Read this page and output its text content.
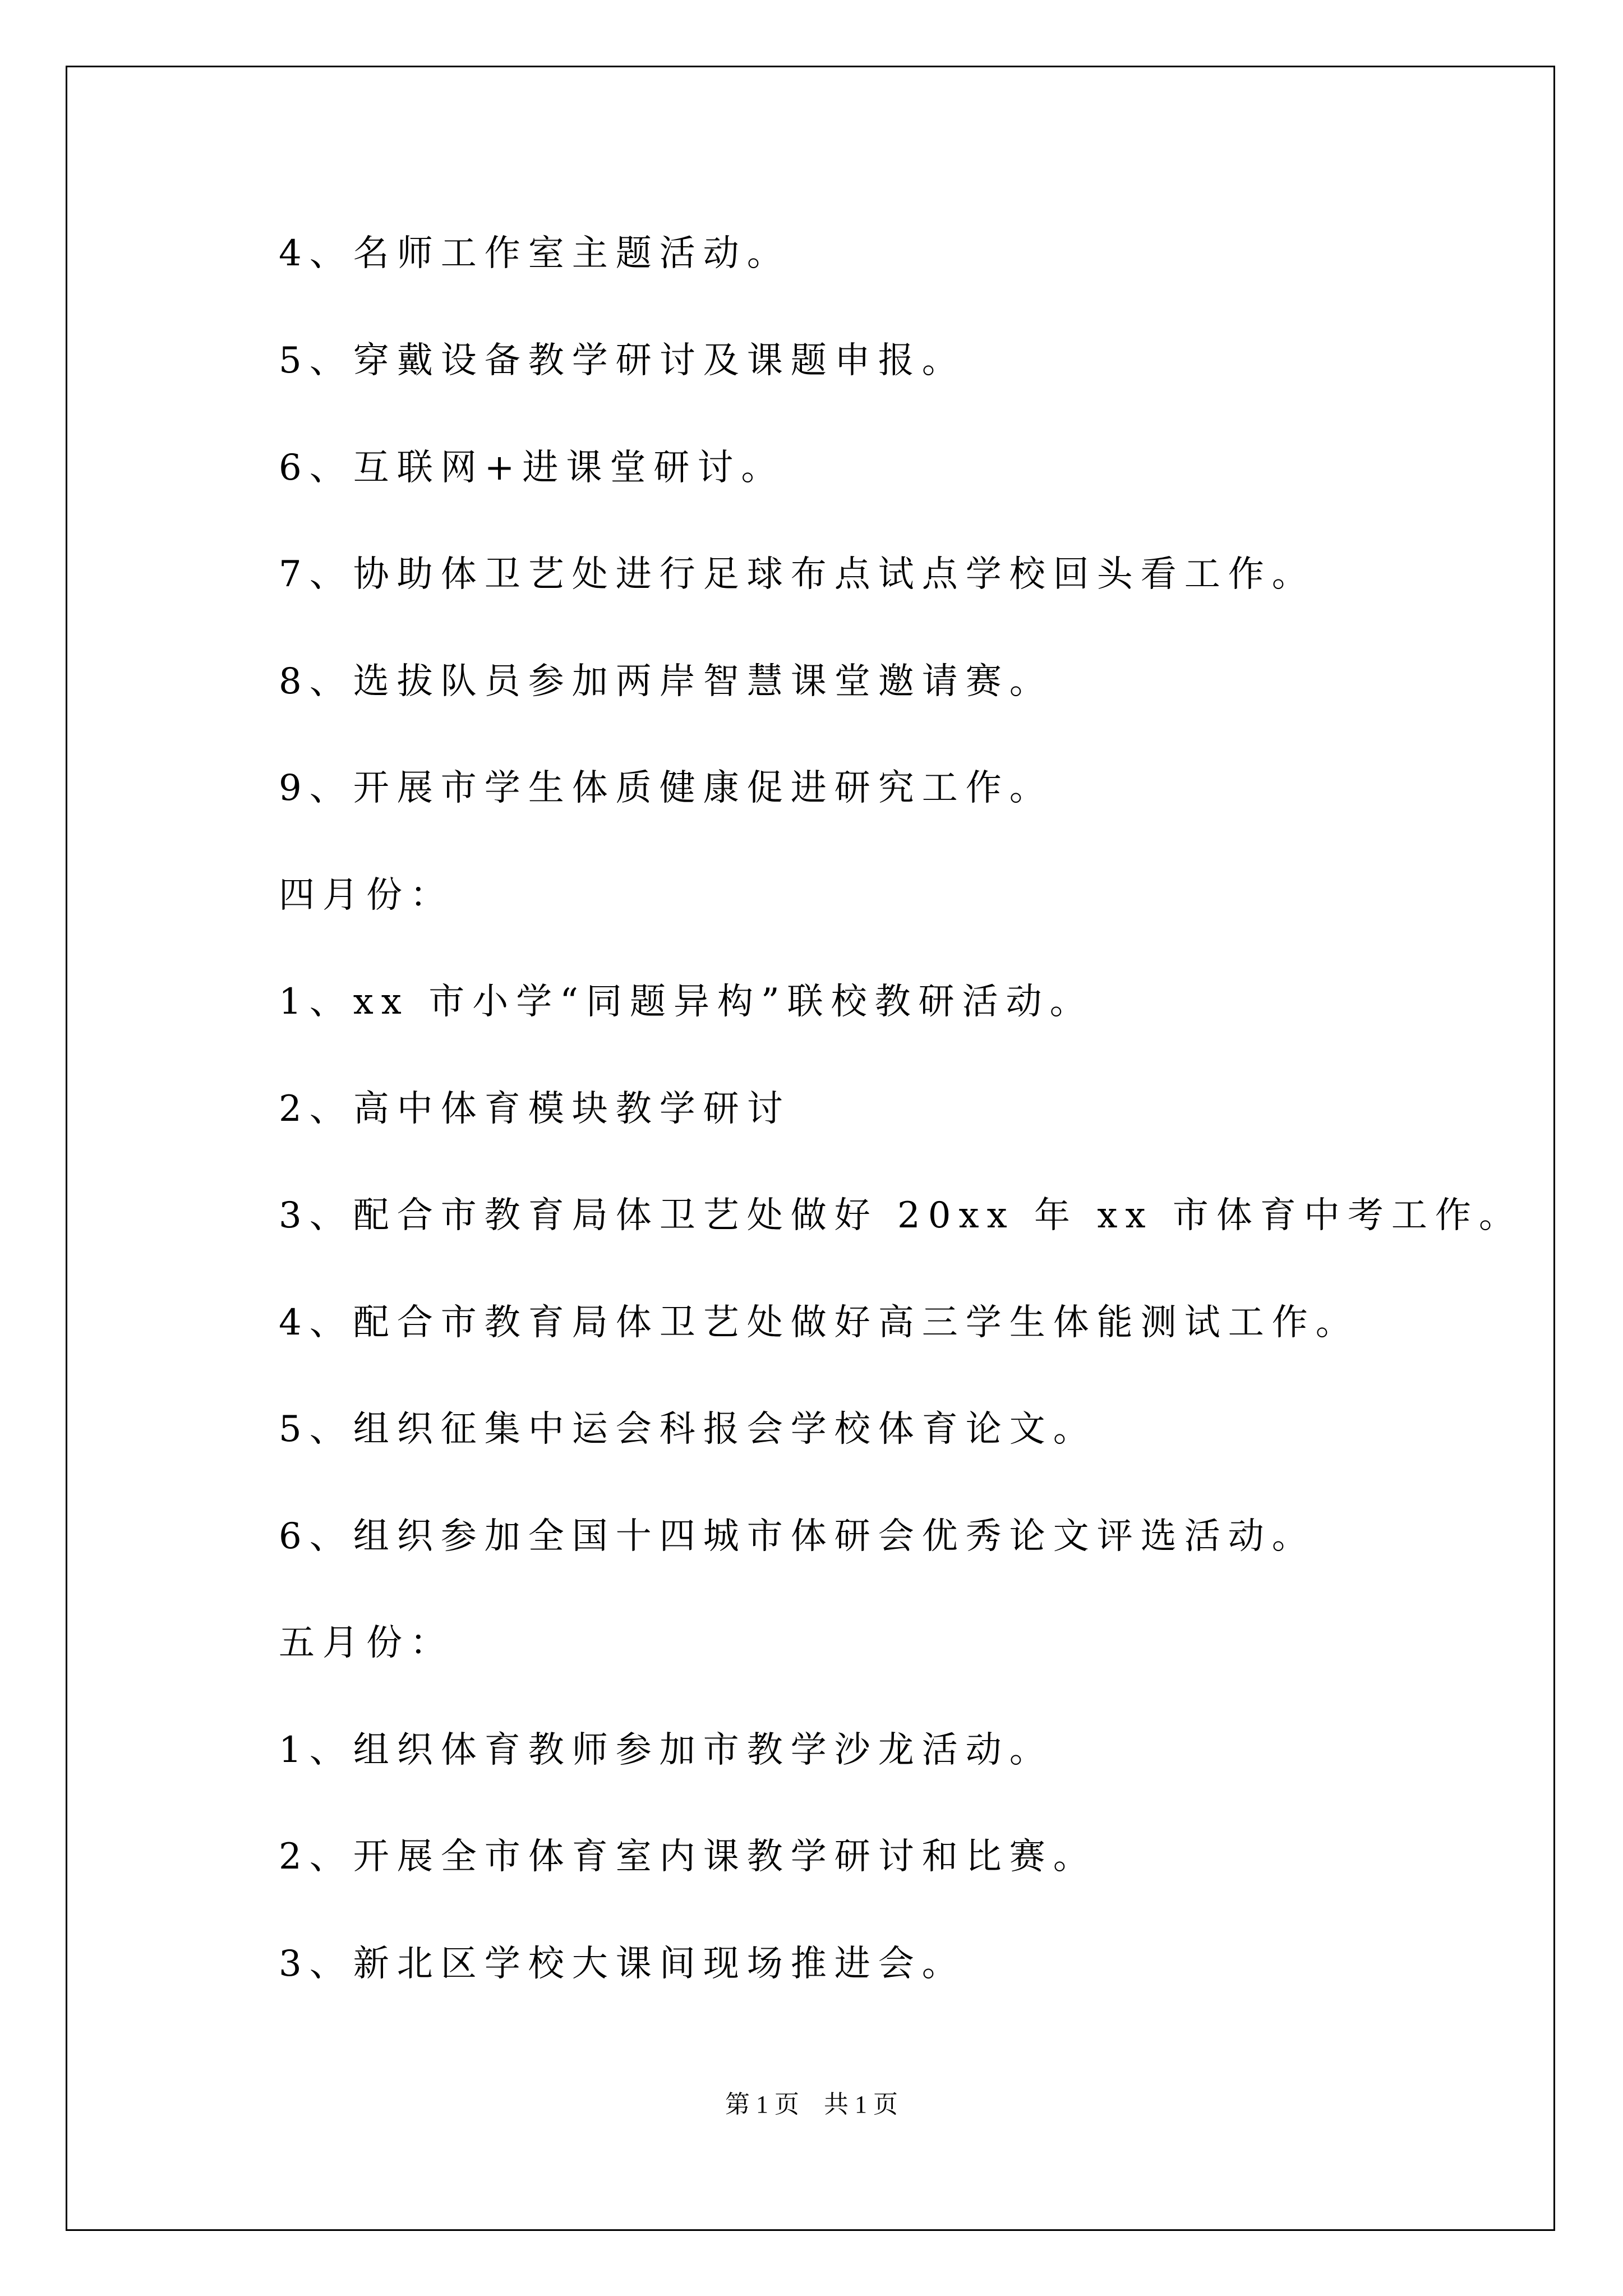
4、名师工作室主题活动。
5、穿戴设备教学研讨及课题申报。
6、互联网+进课堂研讨。
7、协助体卫艺处进行足球布点试点学校回头看工作。
8、选拔队员参加两岸智慧课堂邀请赛。
9、开展市学生体质健康促进研究工作。
四月份：
1、xx 市小学“同题异构”联校教研活动。
2、高中体育模块教学研讨
3、配合市教育局体卫艺处做好 20xx 年 xx 市体育中考工作。
4、配合市教育局体卫艺处做好高三学生体能测试工作。
5、组织征集中运会科报会学校体育论文。
6、组织参加全国十四城市体研会优秀论文评选活动。
五月份：
1、组织体育教师参加市教学沙龙活动。
2、开展全市体育室内课教学研讨和比赛。
3、新北区学校大课间现场推进会。
第 1 页　共 1 页
